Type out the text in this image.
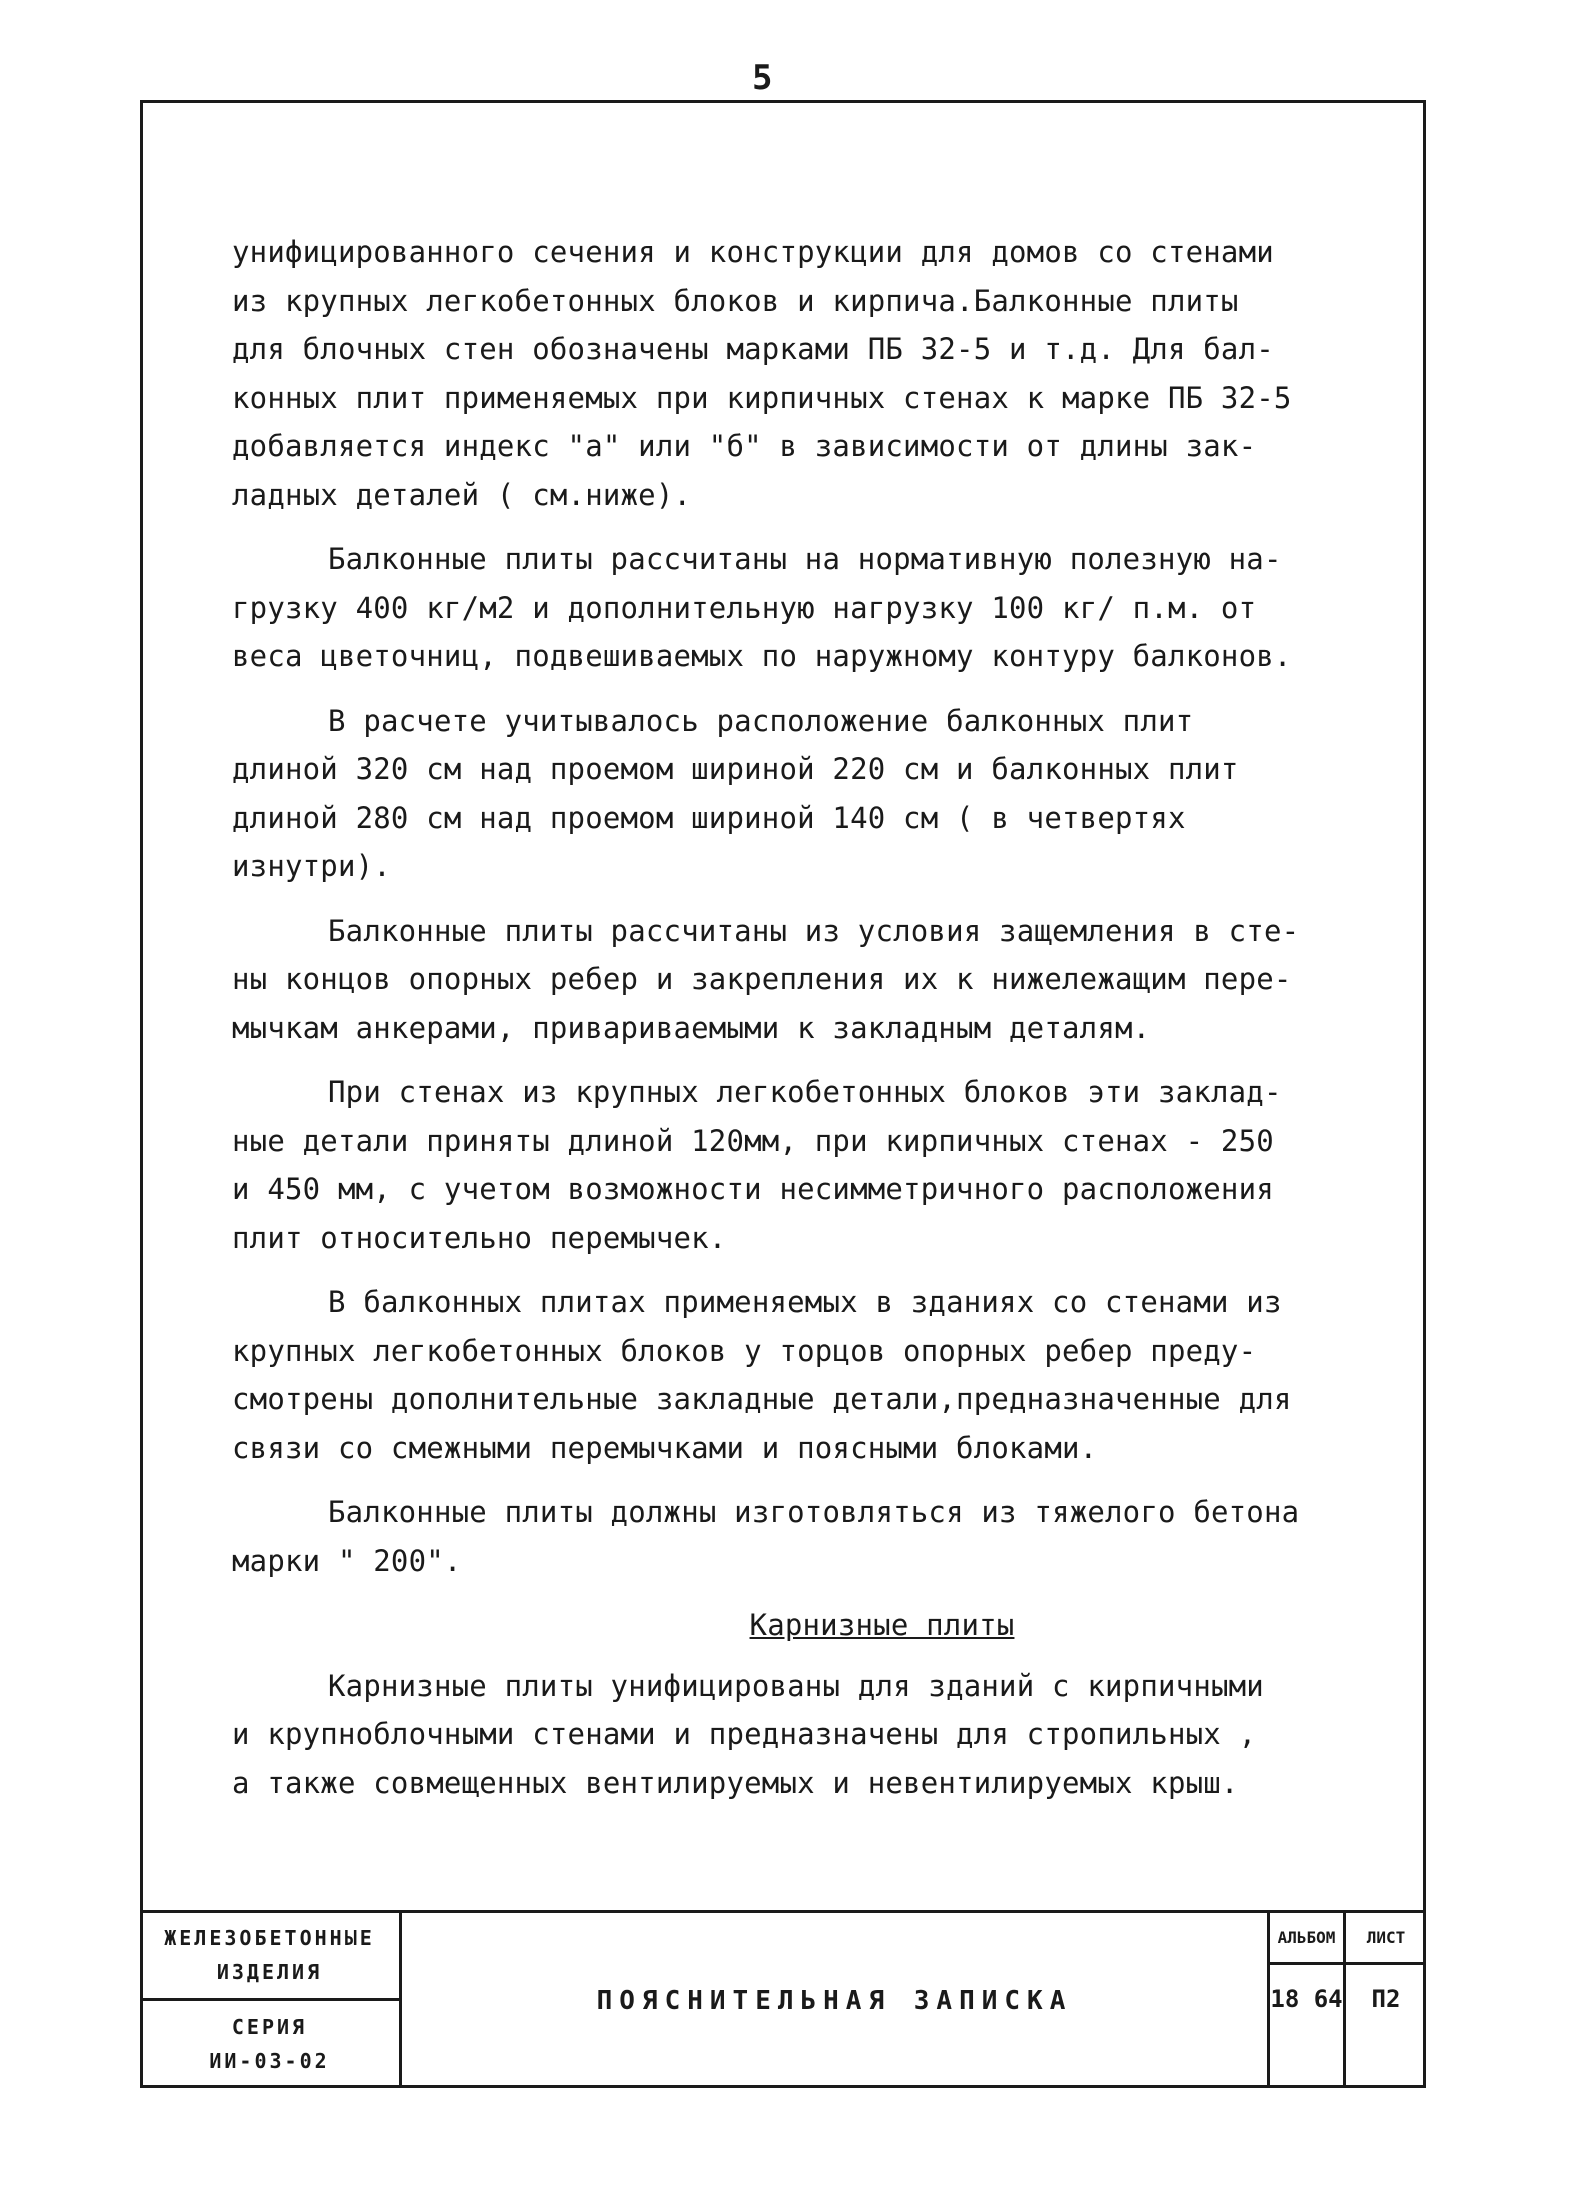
5

унифицированного сечения и конструкции для домов со стенами
из крупных легкобетонных блоков и кирпича.Балконные плиты
для блочных стен обозначены марками ПБ 32-5 и т.д. Для бал-
конных плит применяемых при кирпичных стенах к марке ПБ 32-5
добавляется индекс "а" или "б" в зависимости от длины зак-
ладных деталей ( см.ниже).

Балконные плиты рассчитаны на нормативную полезную на-
грузку 400 кг/м2 и дополнительную нагрузку 100 кг/ п.м. от
веса цветочниц, подвешиваемых по наружному контуру балконов.

В расчете учитывалось расположение балконных плит
длиной 320 см над проемом шириной 220 см и балконных плит
длиной 280 см над проемом шириной 140 см ( в четвертях
изнутри).

Балконные плиты рассчитаны из условия защемления в сте-
ны концов опорных ребер и закрепления их к нижележащим пере-
мычкам анкерами, привариваемыми к закладным деталям.

При стенах из крупных легкобетонных блоков эти заклад-
ные детали приняты длиной 120мм, при кирпичных стенах - 250
и 450 мм, с учетом возможности несимметричного расположения
плит относительно перемычек.

В балконных плитах применяемых в зданиях со стенами из
крупных легкобетонных блоков у торцов опорных ребер преду-
смотрены дополнительные закладные детали,предназначенные для
связи со смежными перемычками и поясными блоками.

Балконные плиты должны изготовляться из тяжелого бетона
марки " 200".

Карнизные плиты

Карнизные плиты унифицированы для зданий с кирпичными
и крупноблочными стенами и предназначены для стропильных ,
а также совмещенных вентилируемых и невентилируемых крыш.

ЖЕЛЕЗОБЕТОННЫЕ
ИЗДЕЛИЯ
СЕРИЯ
ИИ-03-02
ПОЯСНИТЕЛЬНАЯ ЗАПИСКА
АЛЬБОМ
18 64
ЛИСТ
П2
